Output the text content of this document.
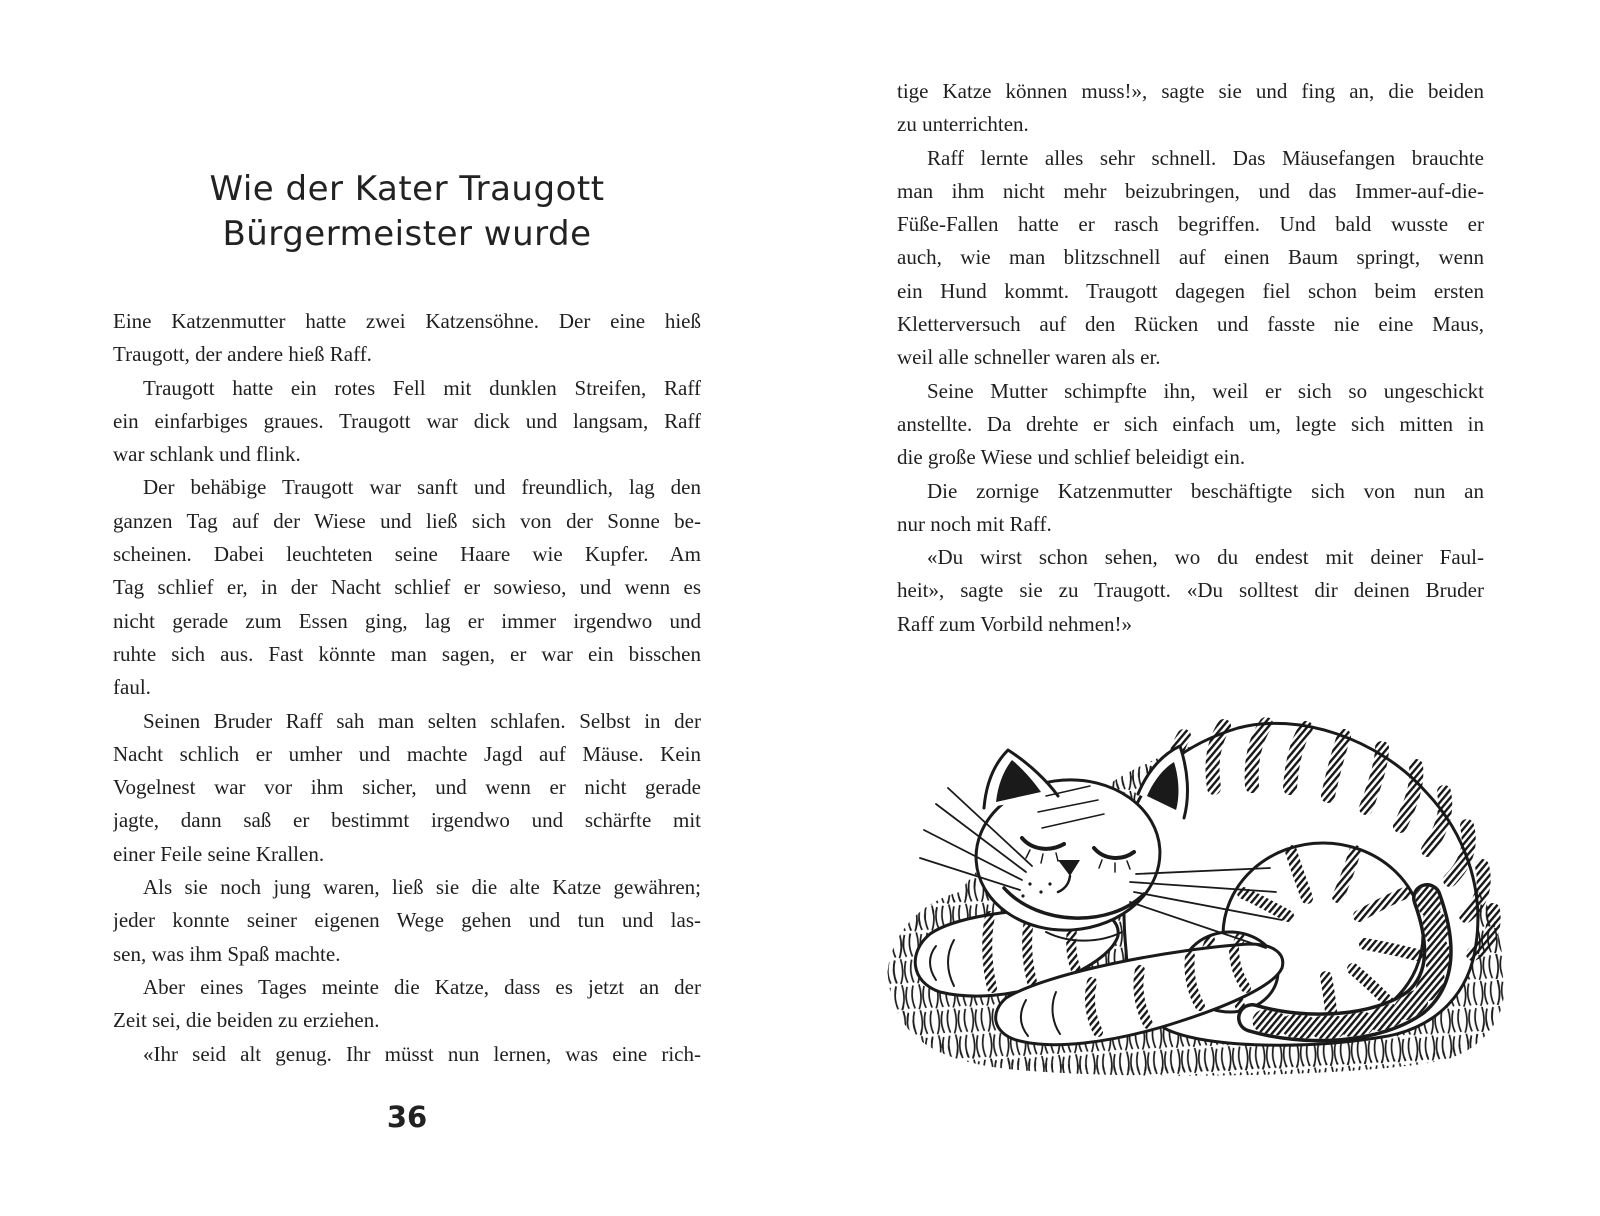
Wie der Kater Traugott
Bürgermeister wurde
Eine Katzenmutter hatte zwei Katzensöhne. Der eine hieß
Traugott, der andere hieß Raff.
Traugott hatte ein rotes Fell mit dunklen Streifen, Raff
ein einfarbiges graues. Traugott war dick und langsam, Raff
war schlank und flink.
Der behäbige Traugott war sanft und freundlich, lag den
ganzen Tag auf der Wiese und ließ sich von der Sonne be-
scheinen. Dabei leuchteten seine Haare wie Kupfer. Am
Tag schlief er, in der Nacht schlief er sowieso, und wenn es
nicht gerade zum Essen ging, lag er immer irgendwo und
ruhte sich aus. Fast könnte man sagen, er war ein bisschen
faul.
Seinen Bruder Raff sah man selten schlafen. Selbst in der
Nacht schlich er umher und machte Jagd auf Mäuse. Kein
Vogelnest war vor ihm sicher, und wenn er nicht gerade
jagte, dann saß er bestimmt irgendwo und schärfte mit
einer Feile seine Krallen.
Als sie noch jung waren, ließ sie die alte Katze gewähren;
jeder konnte seiner eigenen Wege gehen und tun und las-
sen, was ihm Spaß machte.
Aber eines Tages meinte die Katze, dass es jetzt an der
Zeit sei, die beiden zu erziehen.
«Ihr seid alt genug. Ihr müsst nun lernen, was eine rich-
36
tige Katze können muss!», sagte sie und fing an, die beiden
zu unterrichten.
Raff lernte alles sehr schnell. Das Mäusefangen brauchte
man ihm nicht mehr beizubringen, und das Immer-auf-die-
Füße-Fallen hatte er rasch begriffen. Und bald wusste er
auch, wie man blitzschnell auf einen Baum springt, wenn
ein Hund kommt. Traugott dagegen fiel schon beim ersten
Kletterversuch auf den Rücken und fasste nie eine Maus,
weil alle schneller waren als er.
Seine Mutter schimpfte ihn, weil er sich so ungeschickt
anstellte. Da drehte er sich einfach um, legte sich mitten in
die große Wiese und schlief beleidigt ein.
Die zornige Katzenmutter beschäftigte sich von nun an
nur noch mit Raff.
«Du wirst schon sehen, wo du endest mit deiner Faul-
heit», sagte sie zu Traugott. «Du solltest dir deinen Bruder
Raff zum Vorbild nehmen!»
